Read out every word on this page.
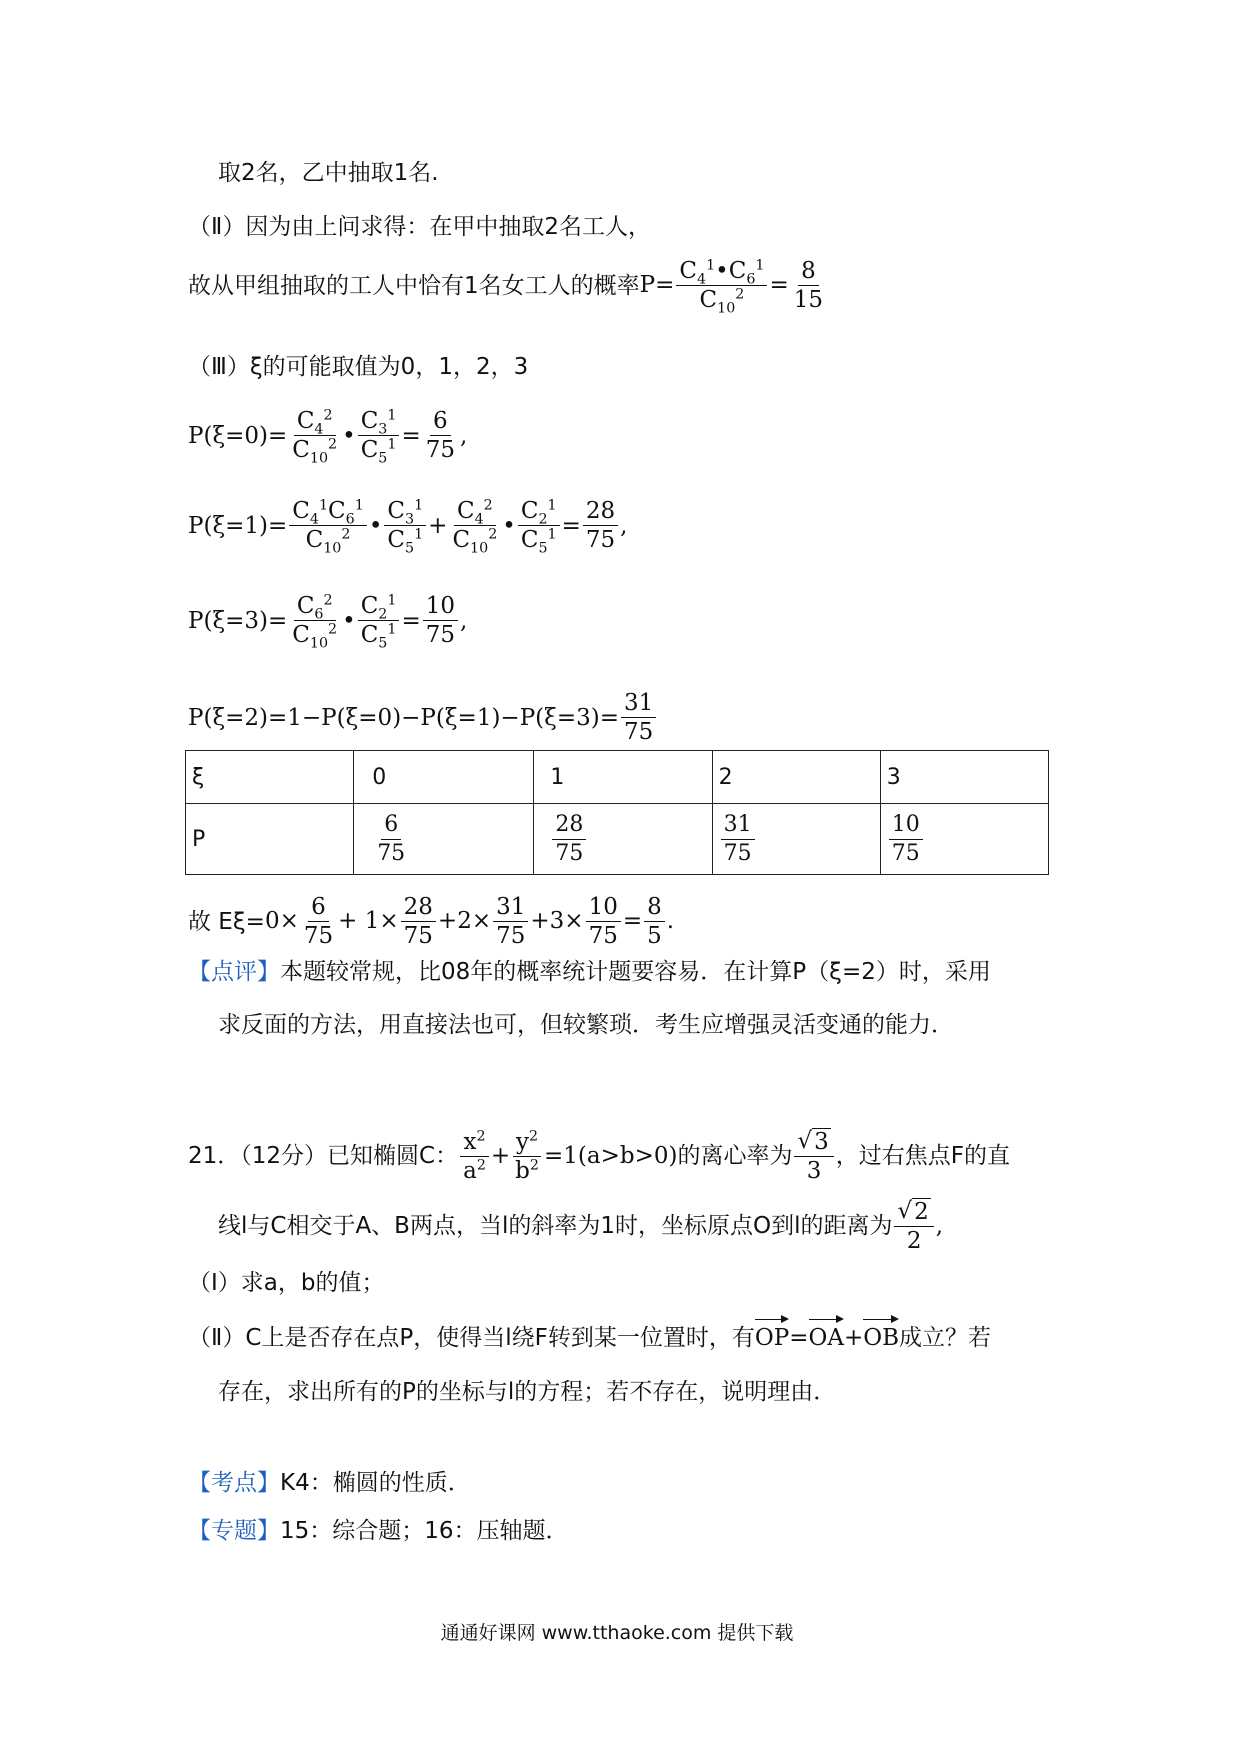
取2名，乙中抽取1名.
（Ⅱ）因为由上问求得：在甲中抽取2名工人，
故从甲组抽取的工人中恰有1名女工人的概率 $P= \frac{C_4^1•C_6^1}{C_{10}^2} = \frac{8}{15}$
（Ⅲ）ξ的可能取值为0，1，2，3
$P(\xi=0)= \frac{C_4^2}{C_{10}^2}$ • $\frac{C_3^1}{C_5^1} = \frac{6}{75}$ ,
$P(\xi=1)= \frac{C_4^1C_6^1}{C_{10}^2}$ • $\frac{C_3^1}{C_5^1} + \frac{C_4^2}{C_{10}^2}$ • $\frac{C_2^1}{C_5^1} = \frac{28}{75}$ ,
$P(\xi=3)= \frac{C_6^2}{C_{10}^2}$ • $\frac{C_2^1}{C_5^1} = \frac{10}{75}$ ,
$P(\xi=2)=1-P(\xi=0)-P(\xi=1)-P(\xi=3)= \frac{31}{75}$
ξ	0	1	2	3
P	$\frac{6}{75}$	$\frac{28}{75}$	$\frac{31}{75}$	$\frac{10}{75}$
故 $E\xi= 0\times \frac{6}{75} + 1\times \frac{28}{75} +2\times \frac{31}{75} +3\times \frac{10}{75} = \frac{8}{5}$ .
【点评】本题较常规，比08年的概率统计题要容易．在计算P（ξ=2）时，采用
求反面的方法，用直接法也可，但较繁琐．考生应增强灵活变通的能力．
21．（12分）已知椭圆C： $\frac{x^2}{a^2} + \frac{y^2}{b^2} =1(a>b>0)$ 的离心率为 $\frac{√ 3}{3}$ ，过右焦点F的直
线l与C相交于A、B两点，当l的斜率为1时，坐标原点O到l的距离为 $\frac{√ 2}{2}$ ,
（Ⅰ）求a，b的值；
（Ⅱ）C上是否存在点P，使得当l绕F转到某一位置时，有OP=OA+OB成立？若
存在，求出所有的P的坐标与l的方程；若不存在，说明理由．
【考点】K4：椭圆的性质．
【专题】15：综合题；16：压轴题．
通通好课网 www.tthaoke.com 提供下载
